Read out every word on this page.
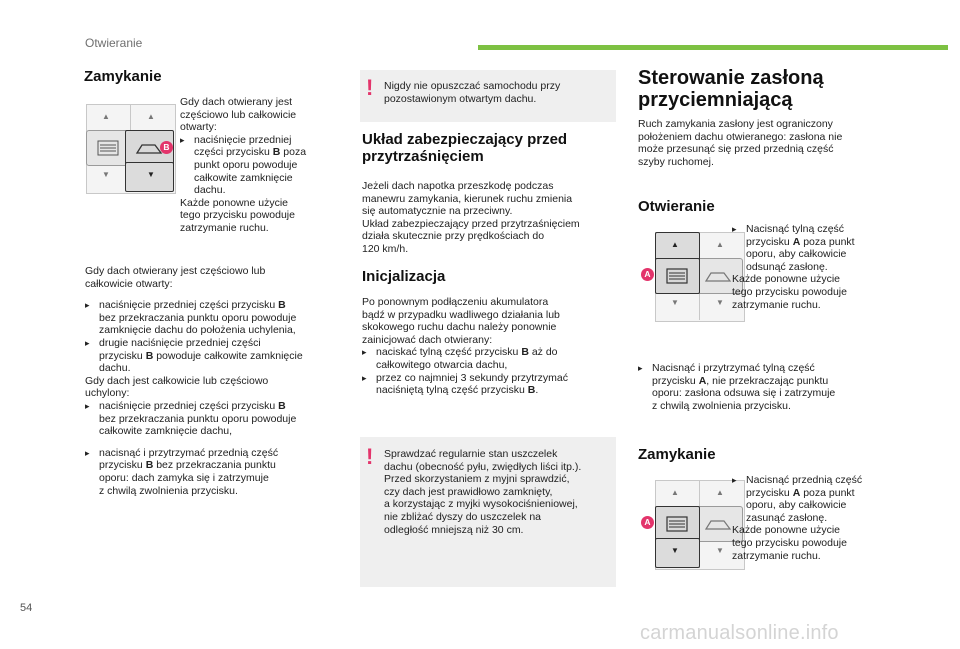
Otwieranie
Zamykanie
▲	▲
▼	▼
B

Gdy dach otwierany jest

częściowo lub całkowicie

otwarty:

▸ naciśnięcie przedniej

części przycisku B poza

punkt oporu powoduje

całkowite zamknięcie

dachu.

Każde ponowne użycie

tego przycisku powoduje

zatrzymanie ruchu.

Gdy dach otwierany jest częściowo lub

całkowicie otwarty:

▸ naciśnięcie przedniej części przycisku B

bez przekraczania punktu oporu powoduje

zamknięcie dachu do położenia uchylenia,

▸ drugie naciśnięcie przedniej części

przycisku B powoduje całkowite zamknięcie

dachu.

Gdy dach jest całkowicie lub częściowo

uchylony:

▸ naciśnięcie przedniej części przycisku B

bez przekraczania punktu oporu powoduje

całkowite zamknięcie dachu,

▸ nacisnąć i przytrzymać przednią część

przycisku B bez przekraczania punktu

oporu: dach zamyka się i zatrzymuje

z chwilą zwolnienia przycisku.

! Nigdy nie opuszczać samochodu przy

pozostawionym otwartym dachu.

Układ zabezpieczający przed
przytrzaśnięciem

Jeżeli dach napotka przeszkodę podczas

manewru zamykania, kierunek ruchu zmienia

się automatycznie na przeciwny.

Układ zabezpieczający przed przytrzaśnięciem

działa skutecznie przy prędkościach do

120 km/h.

Inicjalizacja

Po ponownym podłączeniu akumulatora

bądź w przypadku wadliwego działania lub

skokowego ruchu dachu należy ponownie

zainicjować dach otwierany:

▸ naciskać tylną część przycisku B aż do

całkowitego otwarcia dachu,

▸ przez co najmniej 3 sekundy przytrzymać

naciśniętą tylną część przycisku B.

! Sprawdzać regularnie stan uszczelek

dachu (obecność pyłu, zwiędłych liści itp.).

Przed skorzystaniem z myjni sprawdzić,

czy dach jest prawidłowo zamknięty,

a korzystając z myjki wysokociśnieniowej,

nie zbliżać dyszy do uszczelek na

odległość mniejszą niż 30 cm.

Sterowanie zasłoną
przyciemniającą

Ruch zamykania zasłony jest ograniczony

położeniem dachu otwieranego: zasłona nie

może przesunąć się przed przednią część

szyby ruchomej.

Otwieranie
▲	▲
▼	▼
A
▸ Nacisnąć tylną część

przycisku A poza punkt

oporu, aby całkowicie

odsunąć zasłonę.

Każde ponowne użycie

tego przycisku powoduje

zatrzymanie ruchu.

▸ Nacisnąć i przytrzymać tylną część

przycisku A, nie przekraczając punktu

oporu: zasłona odsuwa się i zatrzymuje

z chwilą zwolnienia przycisku.

Zamykanie
▲	▲
▼	▼
A
▸ Nacisnąć przednią część

przycisku A poza punkt

oporu, aby całkowicie

zasunąć zasłonę.

Każde ponowne użycie

tego przycisku powoduje

zatrzymanie ruchu.

54
carmanualsonline.info
